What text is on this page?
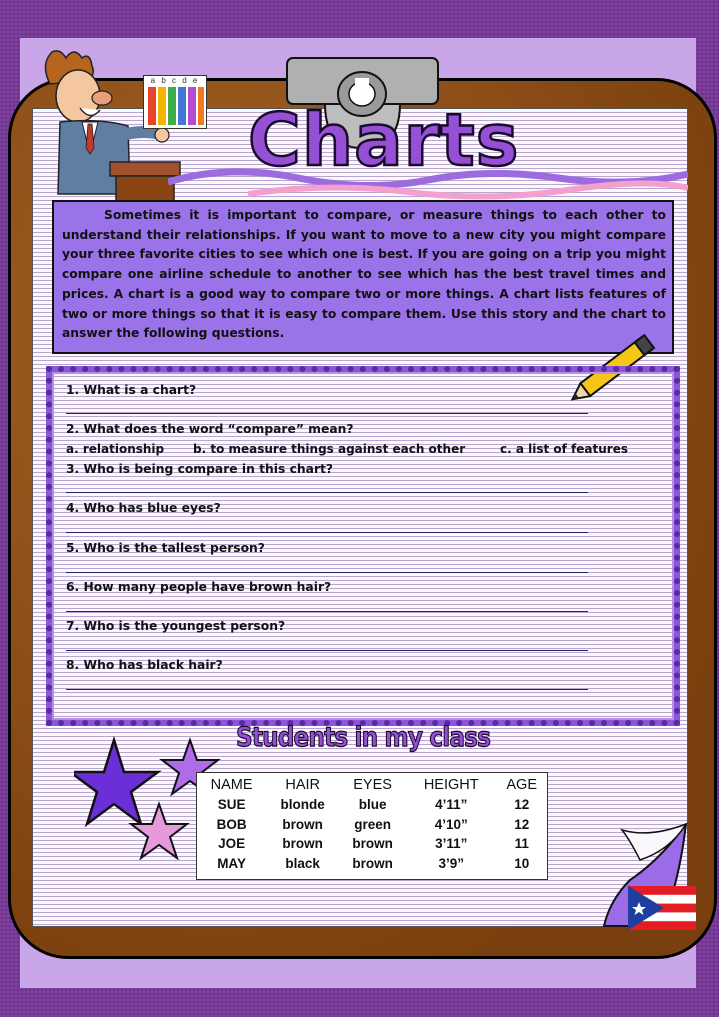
a b c d e
Charts
Sometimes it is important to compare, or measure things to each other to understand their relationships. If you want to move to a new city you might compare your three favorite cities to see which one is best. If you are going on a trip you might compare one airline schedule to another to see which has the best travel times and prices. A chart is a good way to compare two or more things. A chart lists features of two or more things so that it is easy to compare them. Use this story and the chart to answer the following questions.
1. What is a chart?
2. What does the word “compare” mean?
a. relationship b. to measure things against each other	c. a list of features
3. Who is being compare in this chart?
4. Who has blue eyes?
5. Who is the tallest person?
6. How many people have brown hair?
7. Who is the youngest person?
8. Who has black hair?
Students in my class
NAME	HAIR	EYES	HEIGHT	AGE
SUE	blonde	blue	4’11”	12
BOB	brown	green	4’10”	12
JOE	brown	brown	3’11”	11
MAY	black	brown	3’9”	10
